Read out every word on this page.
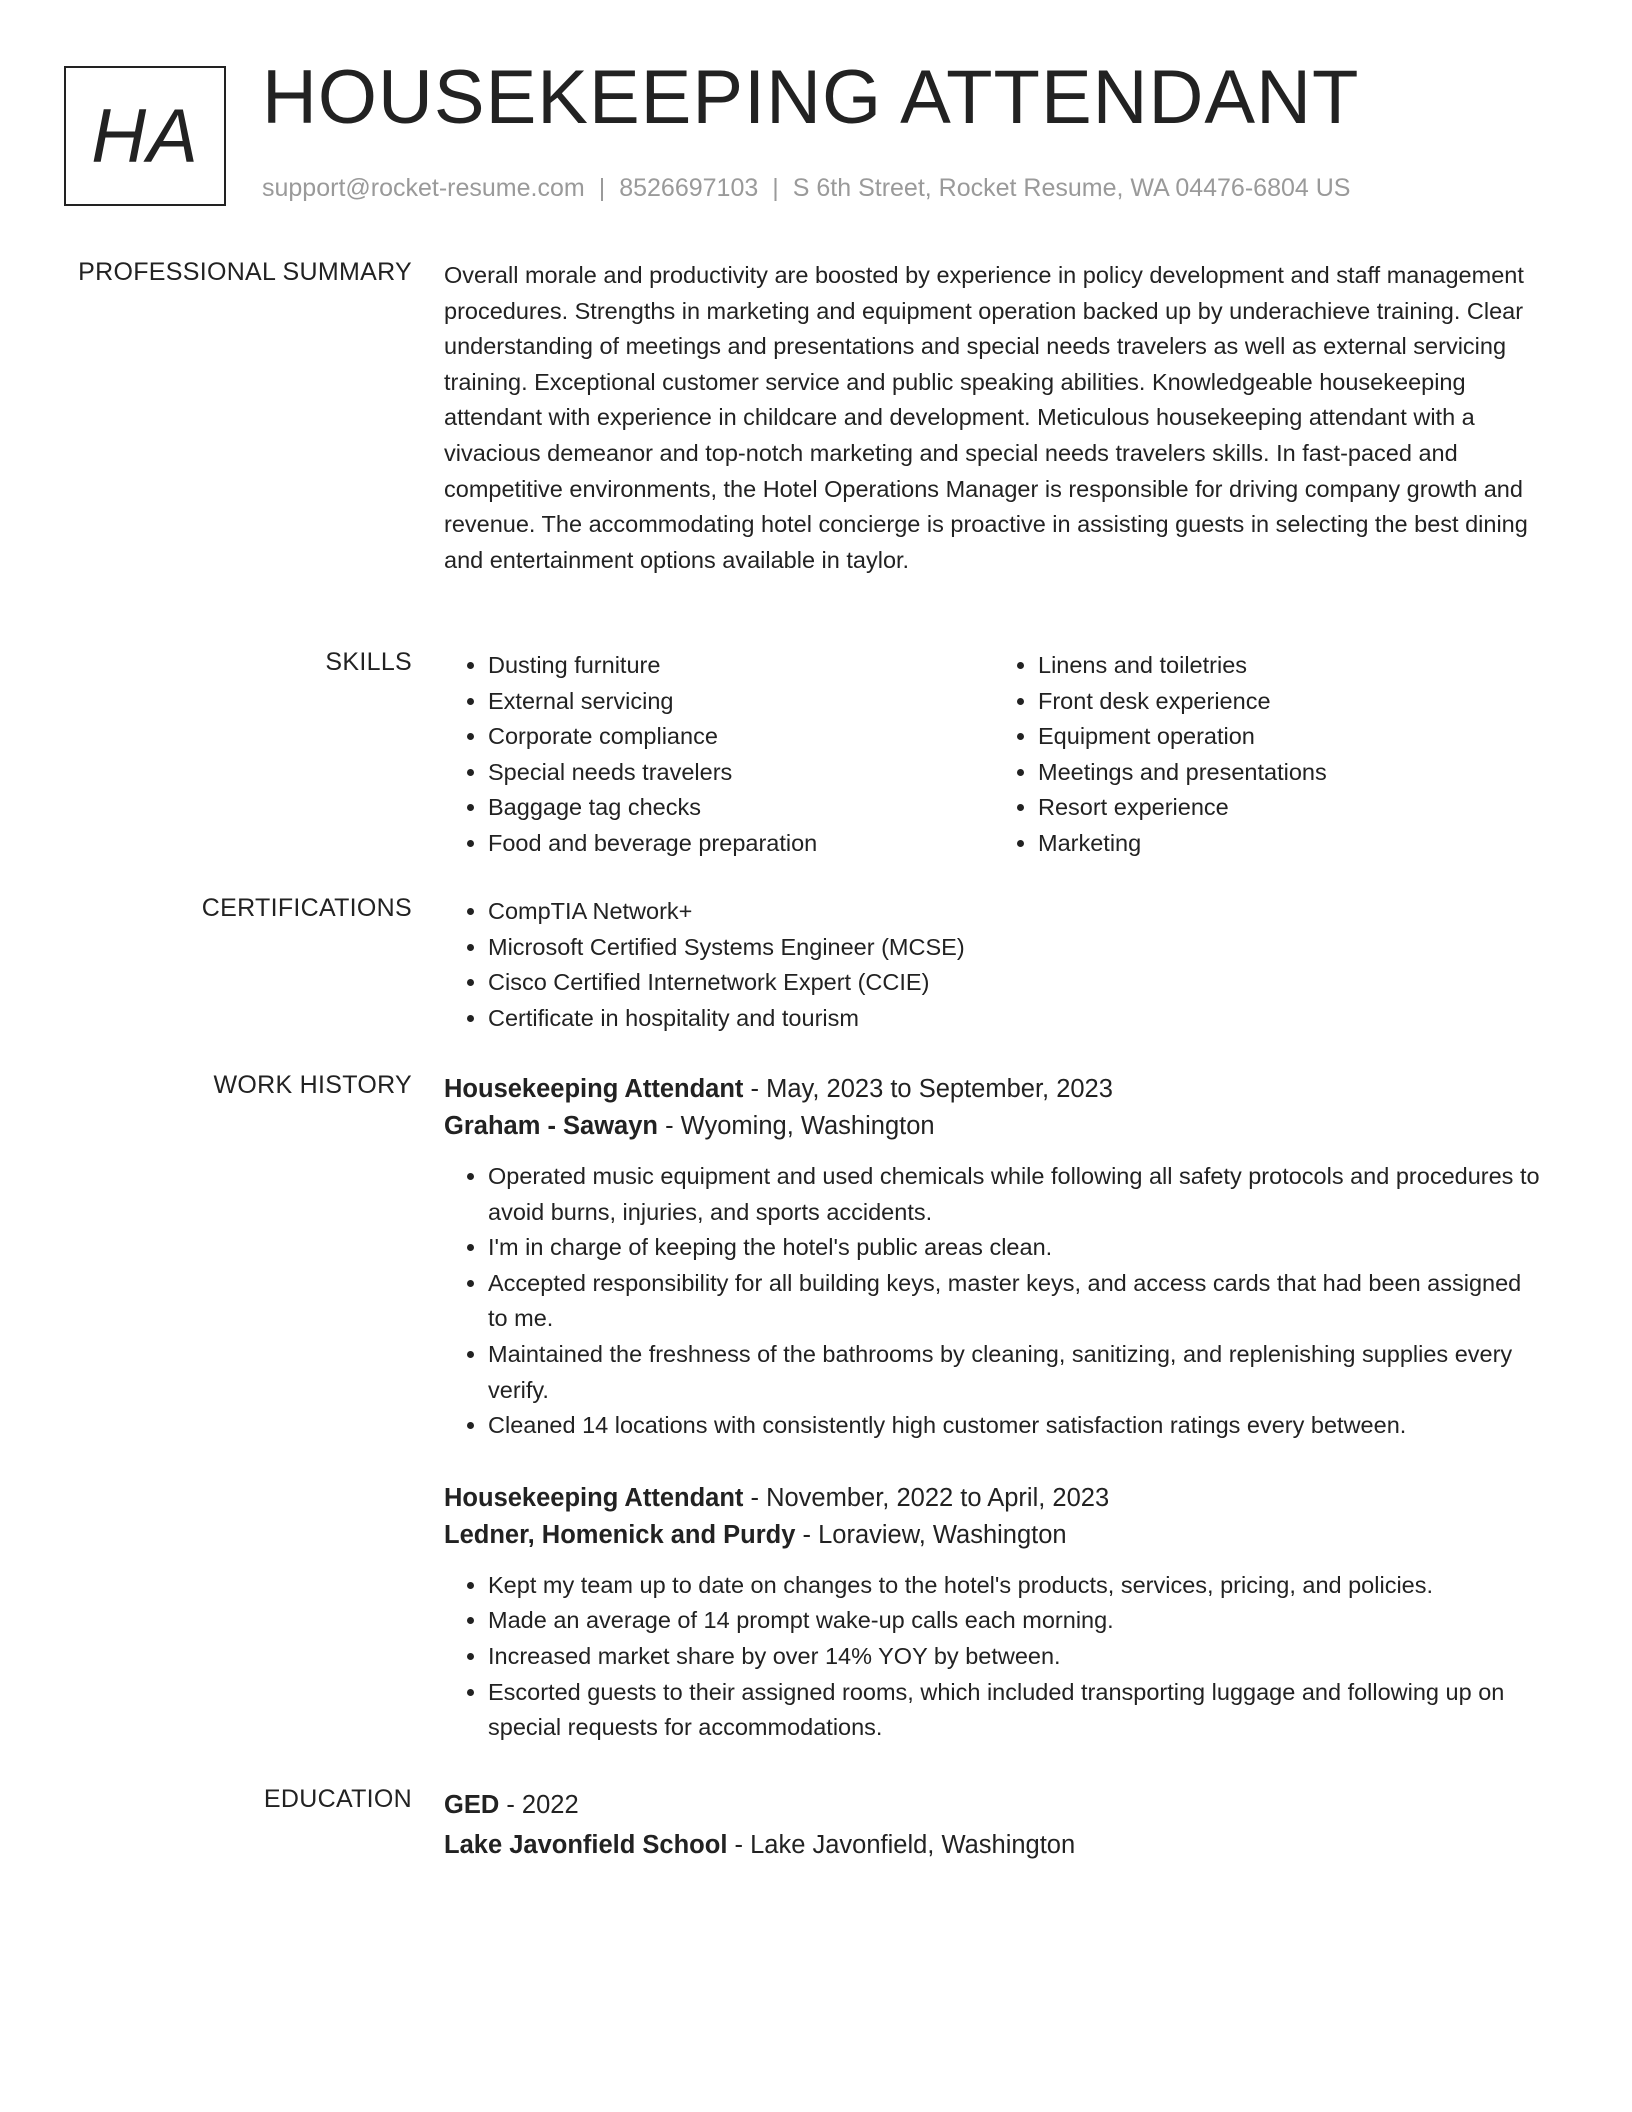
HA HOUSEKEEPING ATTENDANT
support@rocket-resume.com | 8526697103 | S 6th Street, Rocket Resume, WA 04476-6804 US
PROFESSIONAL SUMMARY Overall morale and productivity are boosted by experience in policy development and staff management procedures. Strengths in marketing and equipment operation backed up by underachieve training. Clear understanding of meetings and presentations and special needs travelers as well as external servicing training. Exceptional customer service and public speaking abilities. Knowledgeable housekeeping attendant with experience in childcare and development. Meticulous housekeeping attendant with a vivacious demeanor and top-notch marketing and special needs travelers skills. In fast-paced and competitive environments, the Hotel Operations Manager is responsible for driving company growth and revenue. The accommodating hotel concierge is proactive in assisting guests in selecting the best dining and entertainment options available in taylor.
SKILLS	• Dusting furniture
• External servicing
• Corporate compliance
• Special needs travelers
• Baggage tag checks
• Food and beverage preparation
• Linens and toiletries
• Front desk experience
• Equipment operation
• Meetings and presentations
• Resort experience
• Marketing
CERTIFICATIONS	• CompTIA Network+
• Microsoft Certified Systems Engineer (MCSE)
• Cisco Certified Internetwork Expert (CCIE)
• Certificate in hospitality and tourism
WORK HISTORY Housekeeping Attendant - May, 2023 to September, 2023
Graham - Sawayn - Wyoming, Washington
• Operated music equipment and used chemicals while following all safety protocols and procedures to avoid burns, injuries, and sports accidents.
• I'm in charge of keeping the hotel's public areas clean.
• Accepted responsibility for all building keys, master keys, and access cards that had been assigned to me.
• Maintained the freshness of the bathrooms by cleaning, sanitizing, and replenishing supplies every verify.
• Cleaned 14 locations with consistently high customer satisfaction ratings every between.
Housekeeping Attendant - November, 2022 to April, 2023
Ledner, Homenick and Purdy - Loraview, Washington
• Kept my team up to date on changes to the hotel's products, services, pricing, and policies.
• Made an average of 14 prompt wake-up calls each morning.
• Increased market share by over 14% YOY by between.
• Escorted guests to their assigned rooms, which included transporting luggage and following up on special requests for accommodations.
EDUCATION GED - 2022
Lake Javonfield School - Lake Javonfield, Washington
